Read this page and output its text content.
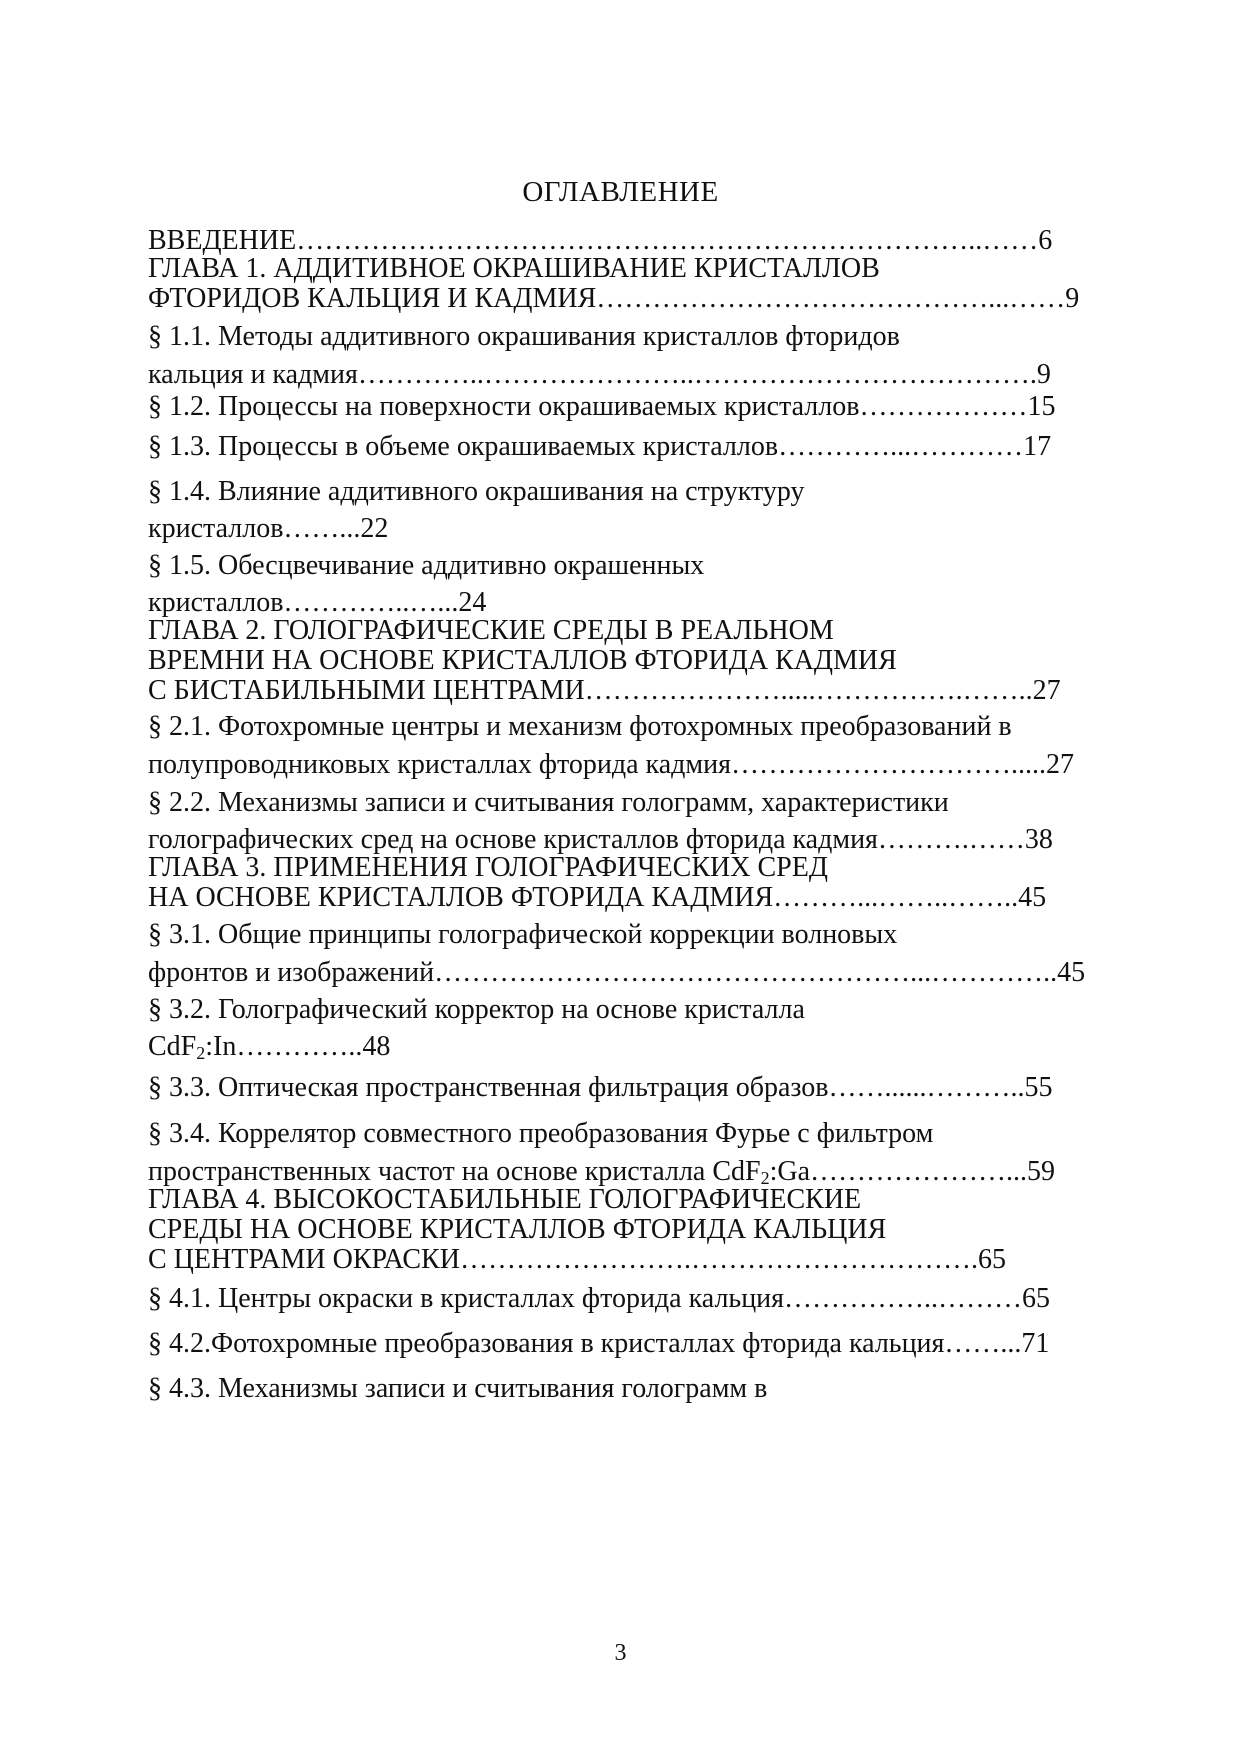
ОГЛАВЛЕНИЕ
ВВЕДЕНИЕ………………………………………………………………..……6
ГЛАВА 1. АДДИТИВНОЕ ОКРАШИВАНИЕ КРИСТАЛЛОВ
ФТОРИДОВ КАЛЬЦИЯ И КАДМИЯ……………………………………...……9
§ 1.1. Методы аддитивного окрашивания кристаллов фторидов
кальция и кадмия…………..…………………..……………………………….9
§ 1.2. Процессы на поверхности окрашиваемых кристаллов………………15
§ 1.3. Процессы в объеме окрашиваемых кристаллов…………...…………17
§ 1.4. Влияние аддитивного окрашивания на структуру
кристаллов……...22
§ 1.5. Обесцвечивание аддитивно окрашенных
кристаллов…………..…...24
ГЛАВА 2. ГОЛОГРАФИЧЕСКИЕ СРЕДЫ В РЕАЛЬНОМ
ВРЕМНИ НА ОСНОВЕ КРИСТАЛЛОВ ФТОРИДА КАДМИЯ
С БИСТАБИЛЬНЫМИ ЦЕНТРАМИ………………….....…………….……..27
§ 2.1. Фотохромные центры и механизм фотохромных преобразований в
полупроводниковых кристаллах фторида кадмия………………………….....27
§ 2.2. Механизмы записи и считывания голограмм, характеристики
голографических сред на основе кристаллов фторида кадмия……….……38
ГЛАВА 3. ПРИМЕНЕНИЯ ГОЛОГРАФИЧЕСКИХ СРЕД
НА ОСНОВЕ КРИСТАЛЛОВ ФТОРИДА КАДМИЯ………...……..……..45
§ 3.1. Общие принципы голографической коррекции волновых
фронтов и изображений……………………………………………...…………..45
§ 3.2. Голографический корректор на основе кристалла
CdF$_2$:In…………..48
§ 3.3. Оптическая пространственная фильтрация образов……......………..55
§ 3.4. Коррелятор совместного преобразования Фурье с фильтром
пространственных частот на основе кристалла CdF$_2$:Ga…………………...59
ГЛАВА 4. ВЫСОКОСТАБИЛЬНЫЕ ГОЛОГРАФИЧЕСКИЕ
СРЕДЫ НА ОСНОВЕ КРИСТАЛЛОВ ФТОРИДА КАЛЬЦИЯ
С ЦЕНТРАМИ ОКРАСКИ…………………….………………………….65
§ 4.1. Центры окраски в кристаллах фторида кальция……………..………65
§ 4.2.Фотохромные преобразования в кристаллах фторида кальция……...71
§ 4.3. Механизмы записи и считывания голограмм в
3
